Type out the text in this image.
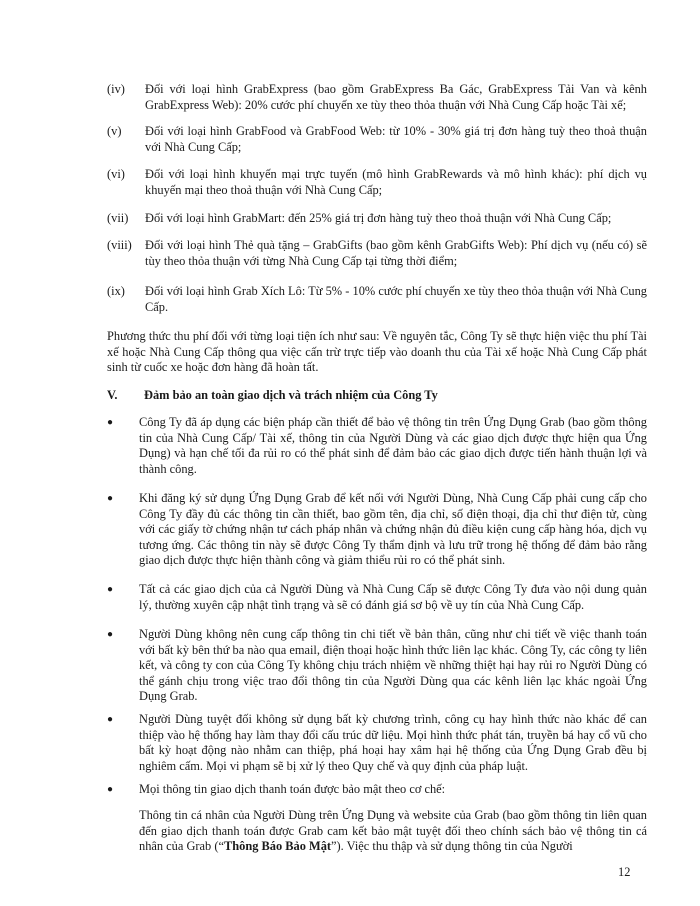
(iv) Đối với loại hình GrabExpress (bao gồm GrabExpress Ba Gác, GrabExpress Tải Van và kênh GrabExpress Web): 20% cước phí chuyến xe tùy theo thỏa thuận với Nhà Cung Cấp hoặc Tài xế;
(v) Đối với loại hình GrabFood và GrabFood Web: từ 10% - 30% giá trị đơn hàng tuỳ theo thoả thuận với Nhà Cung Cấp;
(vi) Đối với loại hình khuyến mại trực tuyến (mô hình GrabRewards và mô hình khác): phí dịch vụ khuyến mại theo thoả thuận với Nhà Cung Cấp;
(vii) Đối với loại hình GrabMart: đến 25% giá trị đơn hàng tuỳ theo thoả thuận với Nhà Cung Cấp;
(viii) Đối với loại hình Thẻ quà tặng – GrabGifts (bao gồm kênh GrabGifts Web): Phí dịch vụ (nếu có) sẽ tùy theo thỏa thuận với từng Nhà Cung Cấp tại từng thời điểm;
(ix) Đối với loại hình Grab Xích Lô: Từ 5% - 10% cước phí chuyến xe tùy theo thỏa thuận với Nhà Cung Cấp.
Phương thức thu phí đối với từng loại tiện ích như sau: Về nguyên tắc, Công Ty sẽ thực hiện việc thu phí Tài xế hoặc Nhà Cung Cấp thông qua việc cấn trừ trực tiếp vào doanh thu của Tài xế hoặc Nhà Cung Cấp phát sinh từ cuốc xe hoặc đơn hàng đã hoàn tất.
V. Đảm bảo an toàn giao dịch và trách nhiệm của Công Ty
● Công Ty đã áp dụng các biện pháp cần thiết để bảo vệ thông tin trên Ứng Dụng Grab (bao gồm thông tin của Nhà Cung Cấp/ Tài xế, thông tin của Người Dùng và các giao dịch được thực hiện qua Ứng Dụng) và hạn chế tối đa rủi ro có thể phát sinh để đảm bảo các giao dịch được tiến hành thuận lợi và thành công.
● Khi đăng ký sử dụng Ứng Dụng Grab để kết nối với Người Dùng, Nhà Cung Cấp phải cung cấp cho Công Ty đầy đủ các thông tin cần thiết, bao gồm tên, địa chỉ, số điện thoại, địa chỉ thư điện tử, cùng với các giấy tờ chứng nhận tư cách pháp nhân và chứng nhận đủ điều kiện cung cấp hàng hóa, dịch vụ tương ứng. Các thông tin này sẽ được Công Ty thẩm định và lưu trữ trong hệ thống để đảm bảo rằng giao dịch được thực hiện thành công và giảm thiểu rủi ro có thể phát sinh.
● Tất cả các giao dịch của cả Người Dùng và Nhà Cung Cấp sẽ được Công Ty đưa vào nội dung quản lý, thường xuyên cập nhật tình trạng và sẽ có đánh giá sơ bộ về uy tín của Nhà Cung Cấp.
● Người Dùng không nên cung cấp thông tin chi tiết về bản thân, cũng như chi tiết về việc thanh toán với bất kỳ bên thứ ba nào qua email, điện thoại hoặc hình thức liên lạc khác. Công Ty, các công ty liên kết, và công ty con của Công Ty không chịu trách nhiệm về những thiệt hại hay rủi ro Người Dùng có thể gánh chịu trong việc trao đổi thông tin của Người Dùng qua các kênh liên lạc khác ngoài Ứng Dụng Grab.
● Người Dùng tuyệt đối không sử dụng bất kỳ chương trình, công cụ hay hình thức nào khác để can thiệp vào hệ thống hay làm thay đổi cấu trúc dữ liệu. Mọi hình thức phát tán, truyền bá hay cổ vũ cho bất kỳ hoạt động nào nhằm can thiệp, phá hoại hay xâm hại hệ thống của Ứng Dụng Grab đều bị nghiêm cấm. Mọi vi phạm sẽ bị xử lý theo Quy chế và quy định của pháp luật.
● Mọi thông tin giao dịch thanh toán được bảo mật theo cơ chế:
Thông tin cá nhân của Người Dùng trên Ứng Dụng và website của Grab (bao gồm thông tin liên quan đến giao dịch thanh toán được Grab cam kết bảo mật tuyệt đối theo chính sách bảo vệ thông tin cá nhân của Grab (“Thông Báo Bảo Mật”). Việc thu thập và sử dụng thông tin của Người
12
